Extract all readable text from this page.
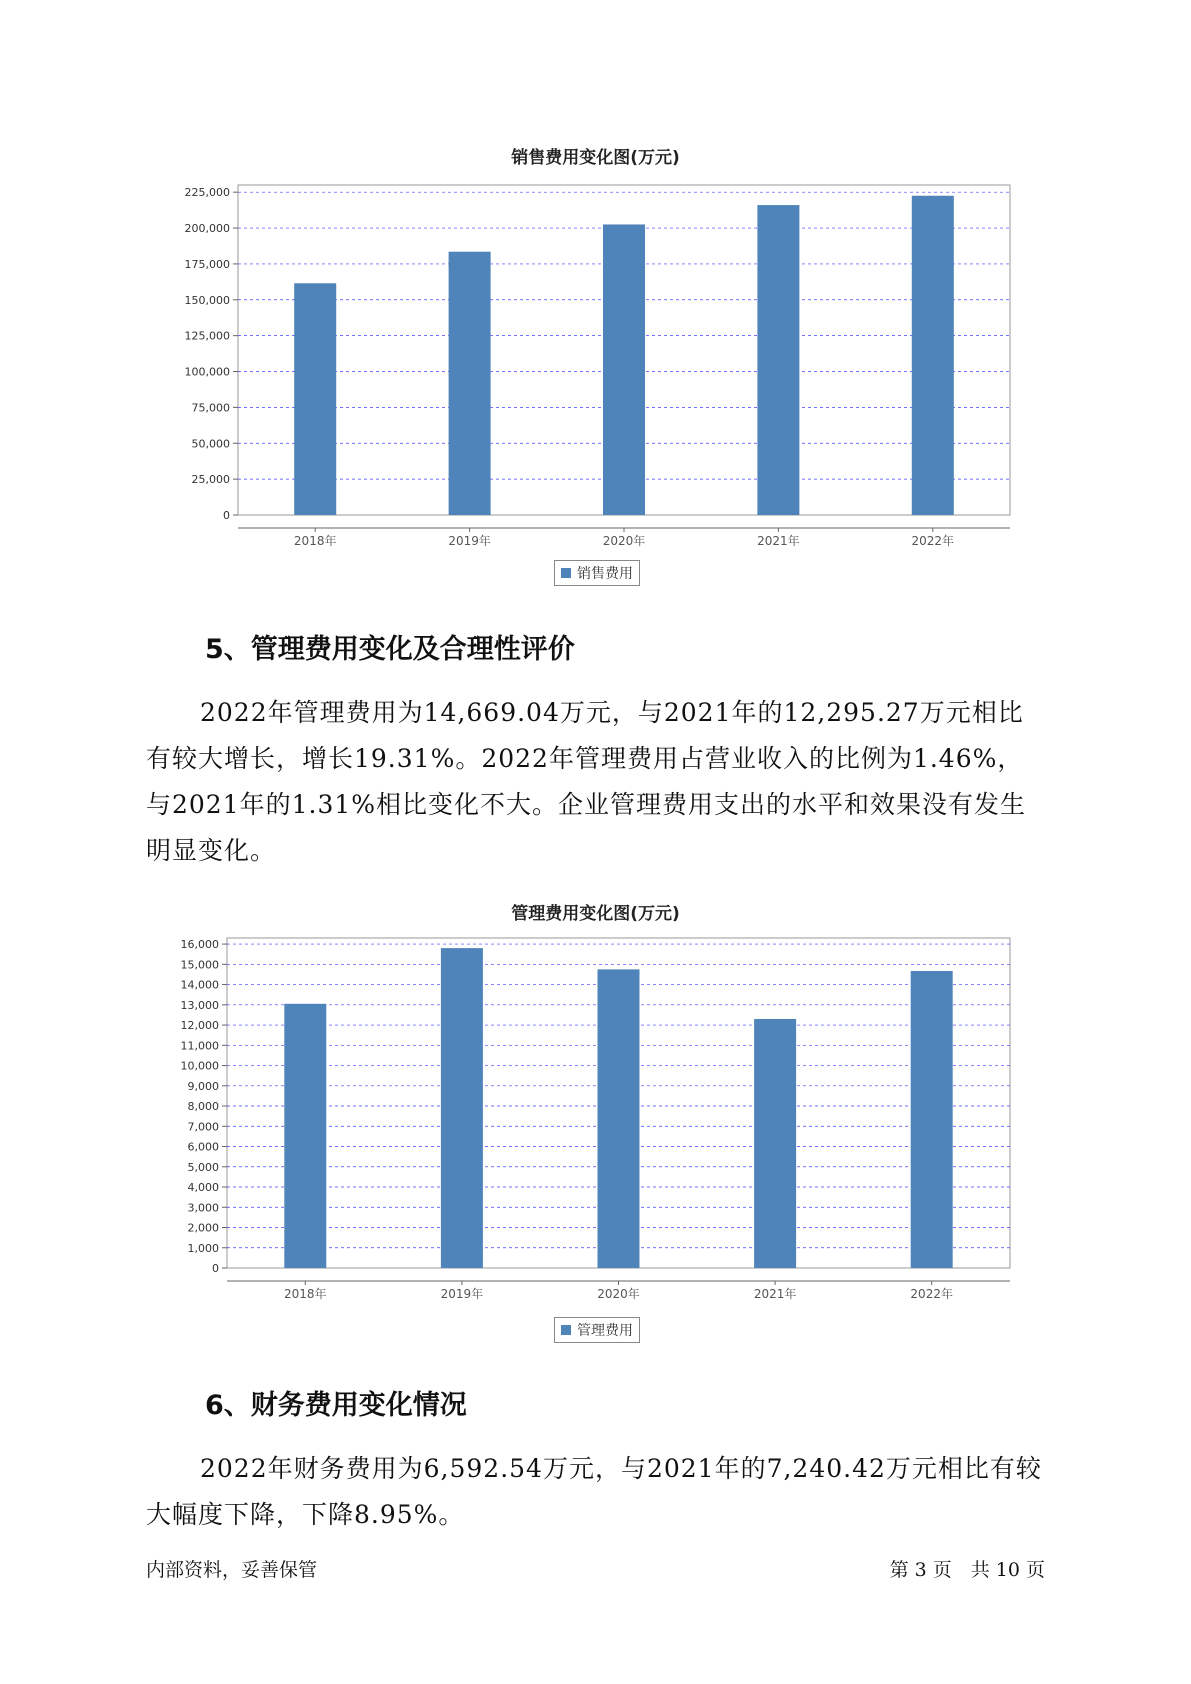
销售费用变化图(万元)
0
25,000
50,000
75,000
100,000
125,000
150,000
175,000
200,000
225,000
2018年	2019年	2020年	2021年	2022年
销售费用
5、管理费用变化及合理性评价
2022年管理费用为14,669.04万元，与2021年的12,295.27万元相比有较大增长，增长19.31%。2022年管理费用占营业收入的比例为1.46%，与2021年的1.31%相比变化不大。企业管理费用支出的水平和效果没有发生明显变化。
管理费用变化图(万元)
0
1,000
2,000
3,000
4,000
5,000
6,000
7,000
8,000
9,000
10,000
11,000
12,000
13,000
14,000
15,000
16,000
2018年	2019年	2020年	2021年	2022年
管理费用
6、财务费用变化情况
2022年财务费用为6,592.54万元，与2021年的7,240.42万元相比有较大幅度下降，下降8.95%。
内部资料，妥善保管	第 3 页　共 10 页
